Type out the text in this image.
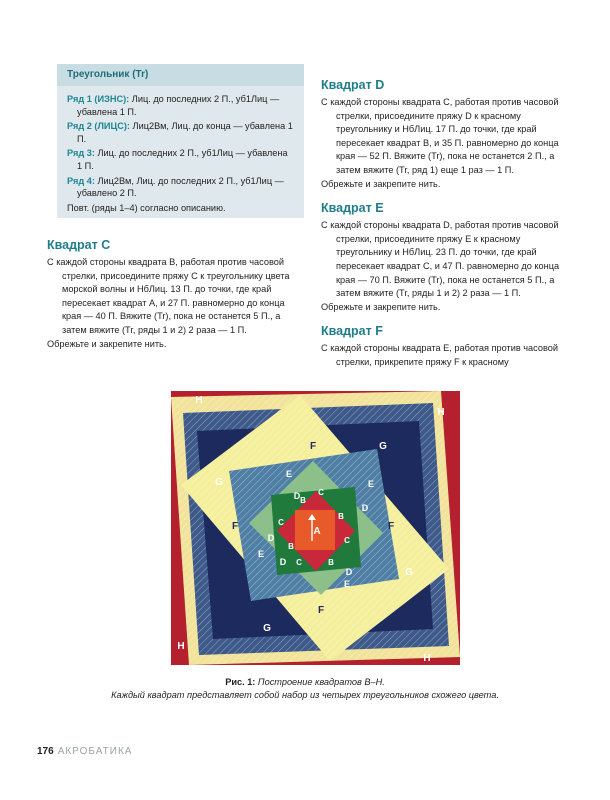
Треугольник (Tr)

Ряд 1 (ИЗНС): Лиц. до последних 2 П., уб1Лиц — убавлена 1 П.

Ряд 2 (ЛИЦС): Лиц2Вм, Лиц. до конца — убавлена 1 П.

Ряд 3: Лиц. до последних 2 П., уб1Лиц — убавлена 1 П.

Ряд 4: Лиц2Вм, Лиц. до последних 2 П., уб1Лиц — убавлено 2 П.

Повт. (ряды 1–4) согласно описанию.

Квадрат C

С каждой стороны квадрата B, работая против часовой стрелки, присоедините пряжу C к треугольнику цвета морской волны и НбЛиц. 13 П. до точки, где край пересекает квадрат A, и 27 П. равномерно до конца края — 40 П. Вяжите (Tr), пока не останется 5 П., а затем вяжите (Tr, ряды 1 и 2) 2 раза — 1 П.

Обрежьте и закрепите нить.

Квадрат D

С каждой стороны квадрата C, работая против часовой стрелки, присоедините пряжу D к красному треугольнику и НбЛиц. 17 П. до точки, где край пересекает квадрат B, и 35 П. равномерно до конца края — 52 П. Вяжите (Tr), пока не останется 2 П., а затем вяжите (Tr, ряд 1) еще 1 раз — 1 П.

Обрежьте и закрепите нить.

Квадрат E

С каждой стороны квадрата D, работая против часовой стрелки, присоедините пряжу E к красному треугольнику и НбЛиц. 23 П. до точки, где край пересекает квадрат C, и 47 П. равномерно до конца края — 70 П. Вяжите (Tr), пока не останется 5 П., а затем вяжите (Tr, ряды 1 и 2) 2 раза — 1 П.

Обрежьте и закрепите нить.

Квадрат F

С каждой стороны квадрата E, работая против часовой стрелки, прикрепите пряжу F к красному

A
B
B
B
B
C
C
C
C
D
D
D
D
D
E
E
E
E
F
F
F
F
G
G
G
G
H
H
H
H
Рис. 1: Построение квадратов B–H.
Каждый квадрат представляет собой набор из четырех треугольников схожего цвета.
176 АКРОБАТИКА
